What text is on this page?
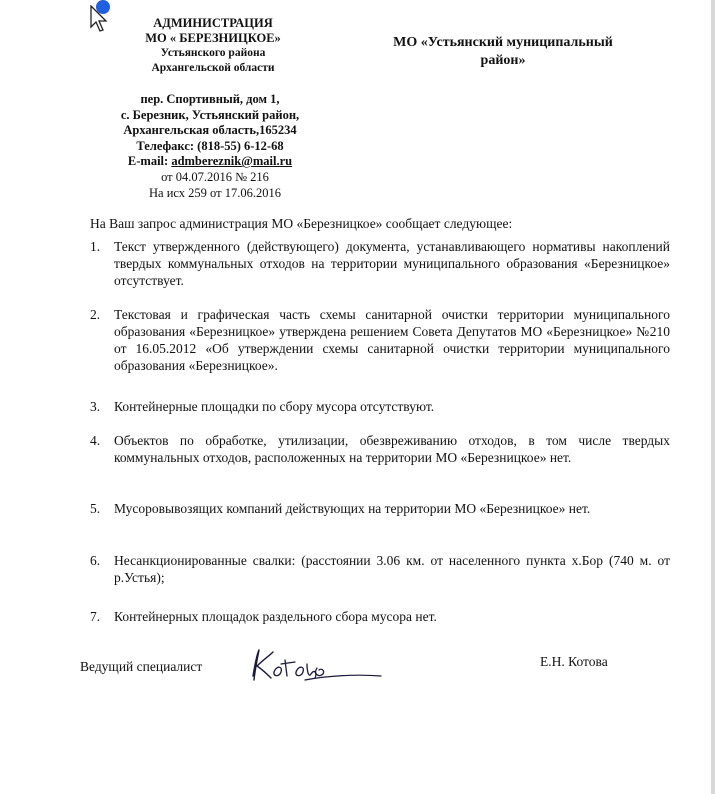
АДМИНИСТРАЦИЯ
МО « БЕРЕЗНИЦКОЕ»
Устьянского района
Архангельской области
пер. Спортивный, дом 1,
с. Березник, Устьянский район,
Архангельская область,165234
Телефакс: (818-55) 6-12-68
E-mail: admbereznik@mail.ru
от 04.07.2016 № 216
На исх 259 от 17.06.2016
МО «Устьянский муниципальный
район»
На Ваш запрос администрация МО «Березницкое» сообщает следующее:
1.	Текст утвержденного (действующего) документа, устанавливающего нормативы накоплений твердых коммунальных отходов на территории муниципального образования «Березницкое» отсутствует.
2.	Текстовая и графическая часть схемы санитарной очистки территории муниципального образования «Березницкое» утверждена решением Совета Депутатов МО «Березницкое» №210 от 16.05.2012 «Об утверждении схемы санитарной очистки территории муниципального образования «Березницкое».
3.	Контейнерные площадки по сбору мусора отсутствуют.
4.	Объектов по обработке, утилизации, обезвреживанию отходов, в том числе твердых коммунальных отходов, расположенных на территории МО «Березницкое» нет.
5.	Мусоровывозящих компаний действующих на территории МО «Березницкое» нет.
6.	Несанкционированные свалки: (расстоянии 3.06 км. от населенного пункта х.Бор (740 м. от р.Устья);
7.	Контейнерных площадок раздельного сбора мусора нет.
Ведущий специалист	Е.Н. Котова
